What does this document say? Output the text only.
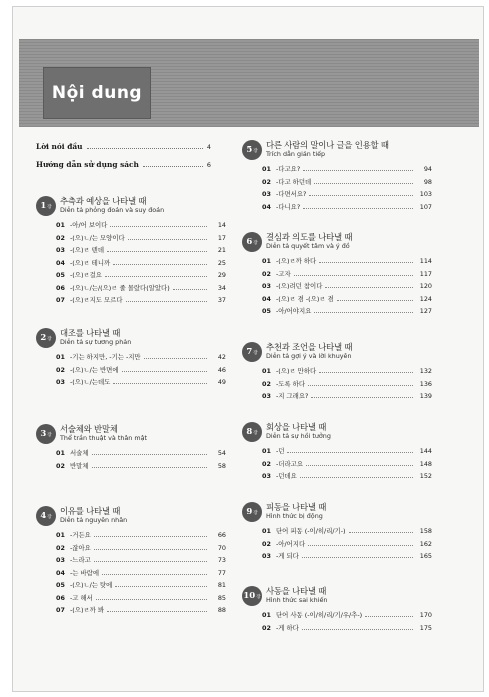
Nội dung
Lời nói đầu	4
Hướng dẫn sử dụng sách	6
$1_장$
추측과 예상을 나타낼 때
Diễn tả phỏng đoán và suy đoán
01 -아/어 보이다	14
02 -(으)ㄴ/는 모양이다	17
03 -(으)ㄹ 텐데	21
04 -(으)ㄹ 테니까	25
05 -(으)ㄹ걸요	29
06 -(으)ㄴ/는/(으)ㄹ 줄 몰랐다(알았다)	34
07 -(으)ㄹ지도 모르다	37
$2_장$
대조를 나타낼 때
Diễn tả sự tương phản
01 -기는 하지만, -기는 -지만	42
02 -(으)ㄴ/는 반면에	46
03 -(으)ㄴ/는데도	49
$3_장$
서술체와 반말체
Thể trần thuật và thân mật
01 서술체	54
02 반말체	58
$4_장$
이유를 나타낼 때
Diễn tả nguyên nhân
01 -거든요	66
02 -잖아요	70
03 -느라고	73
04 -는 바람에	77
05 -(으)ㄴ/는 탓에	81
06 -고 해서	85
07 -(으)ㄹ까 봐	88
$5_장$
다른 사람의 말이나 글을 인용할 때
Trích dẫn gián tiếp
01 -다고요?	94
02 -다고 하던데	98
03 -다면서요?	103
04 -다니요?	107
$6_장$
결심과 의도를 나타낼 때
Diễn tả quyết tâm và ý đồ
01 -(으)ㄹ까 하다	114
02 -고자	117
03 -(으)려던 참이다	120
04 -(으)ㄹ 겸 -(으)ㄹ 겸	124
05 -아/어야지요	127
$7_장$
추천과 조언을 나타낼 때
Diễn tả gợi ý và lời khuyên
01 -(으)ㄹ 만하다	132
02 -도록 하다	136
03 -지 그래요?	139
$8_장$
회상을 나타낼 때
Diễn tả sự hồi tưởng
01 -던	144
02 -더라고요	148
03 -던데요	152
$9_장$
피동을 나타낼 때
Hình thức bị động
01 단어 피동 (-이/히/리/기-)	158
02 -아/어지다	162
03 -게 되다	165
$10_장$
사동을 나타낼 때
Hình thức sai khiến
01 단어 사동 (-이/히/리/기/우/추-)	170
02 -게 하다	175
